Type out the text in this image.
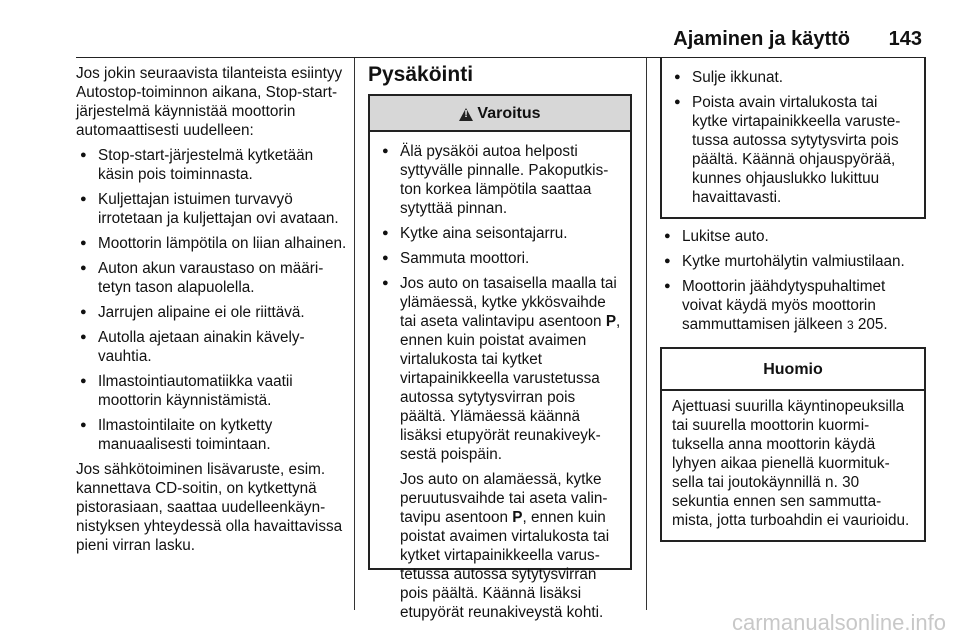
Ajaminen ja käyttö 143

Jos jokin seuraavista tilanteista esiintyy Autostop-toiminnon aikana, Stop-start-järjestelmä käynnistää moottorin automaattisesti uudelleen:

● Stop-start-järjestelmä kytketään käsin pois toiminnasta.
● Kuljettajan istuimen turvavyö irrotetaan ja kuljettajan ovi avataan.
● Moottorin lämpötila on liian alhainen.
● Auton akun varaustaso on määritetyn tason alapuolella.
● Jarrujen alipaine ei ole riittävä.
● Autolla ajetaan ainakin kävelyvauhtia.
● Ilmastointiautomatiikka vaatii moottorin käynnistämistä.
● Ilmastointilaite on kytketty manuaalisesti toimintaan.

Jos sähkötoiminen lisävaruste, esim. kannettava CD-soitin, on kytkettynä pistorasiaan, saattaa uudelleenkäynnistyksen yhteydessä olla havaittavissa pieni virran lasku.

Pysäköinti
!
Varoitus
● Älä pysäköi autoa helposti syttyvälle pinnalle. Pakoputkiston korkea lämpötila saattaa sytyttää pinnan.
● Kytke aina seisontajarru.
● Sammuta moottori.
● Jos auto on tasaisella maalla tai ylämäessä, kytke ykkösvaihde tai aseta valintavipu asentoon P, ennen kuin poistat avaimen virtalukosta tai kytket virtapainikkeella varustetussa autossa sytytysvirran pois päältä. Ylämäessä käännä lisäksi etupyörät reunakiveyksestä poispäin.

Jos auto on alamäessä, kytke peruutusvaihde tai aseta valintavipu asentoon P, ennen kuin poistat avaimen virtalukosta tai kytket virtapainikkeella varustetussa autossa sytytysvirran pois päältä. Käännä lisäksi etupyörät reunakiveystä kohti.

● Sulje ikkunat.
● Poista avain virtalukosta tai kytke virtapainikkeella varustetussa autossa sytytysvirta pois päältä. Käännä ohjauspyörää, kunnes ohjauslukko lukittuu havaittavasti.
● Lukitse auto.
● Kytke murtohälytin valmiustilaan.
● Moottorin jäähdytyspuhaltimet voivat käydä myös moottorin sammuttamisen jälkeen 3 205.
Huomio

Ajettuasi suurilla käyntinopeuksilla tai suurella moottorin kuormituksella anna moottorin käydä lyhyen aikaa pienellä kuormituksella tai joutokäynnillä n. 30 sekuntia ennen sen sammuttamista, jotta turboahdin ei vaurioidu.

carmanualsonline.info
